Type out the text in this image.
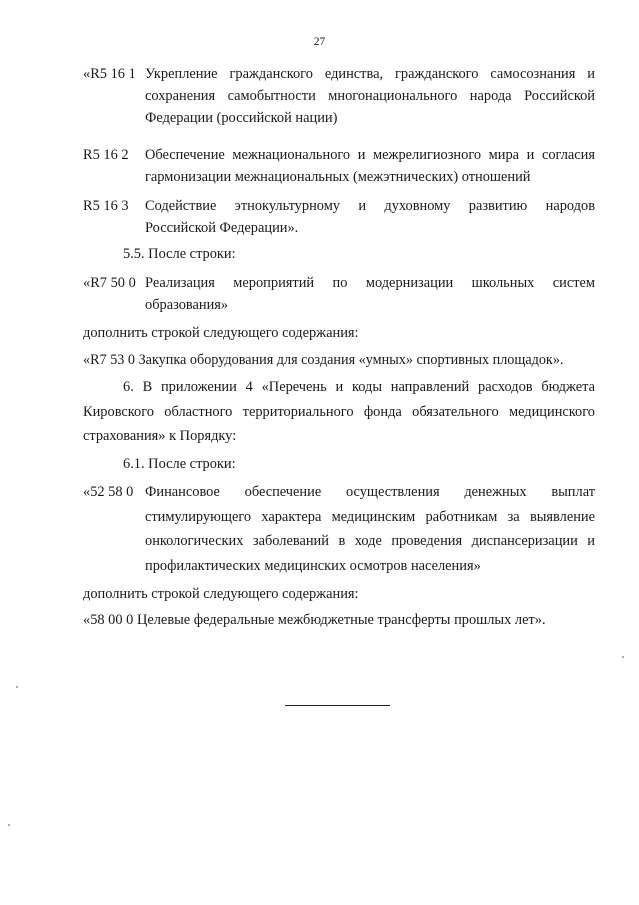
27
«R5 16 1 Укрепление гражданского единства, гражданского самосознания и сохранения самобытности многонационального народа Российской Федерации (российской нации)
R5 16 2 Обеспечение межнационального и межрелигиозного мира и согласия гармонизации межнациональных (межэтнических) отношений
R5 16 3 Содействие этнокультурному и духовному развитию народов Российской Федерации».
5.5. После строки:
«R7 50 0 Реализация мероприятий по модернизации школьных систем образования»
дополнить строкой следующего содержания:
«R7 53 0 Закупка оборудования для создания «умных» спортивных площадок».
6. В приложении 4 «Перечень и коды направлений расходов бюджета Кировского областного территориального фонда обязательного медицинского страхования» к Порядку:
6.1. После строки:
«52 58 0 Финансовое обеспечение осуществления денежных выплат стимулирующего характера медицинским работникам за выявление онкологических заболеваний в ходе проведения диспансеризации и профилактических медицинских осмотров населения»
дополнить строкой следующего содержания:
«58 00 0 Целевые федеральные межбюджетные трансферты прошлых лет».
